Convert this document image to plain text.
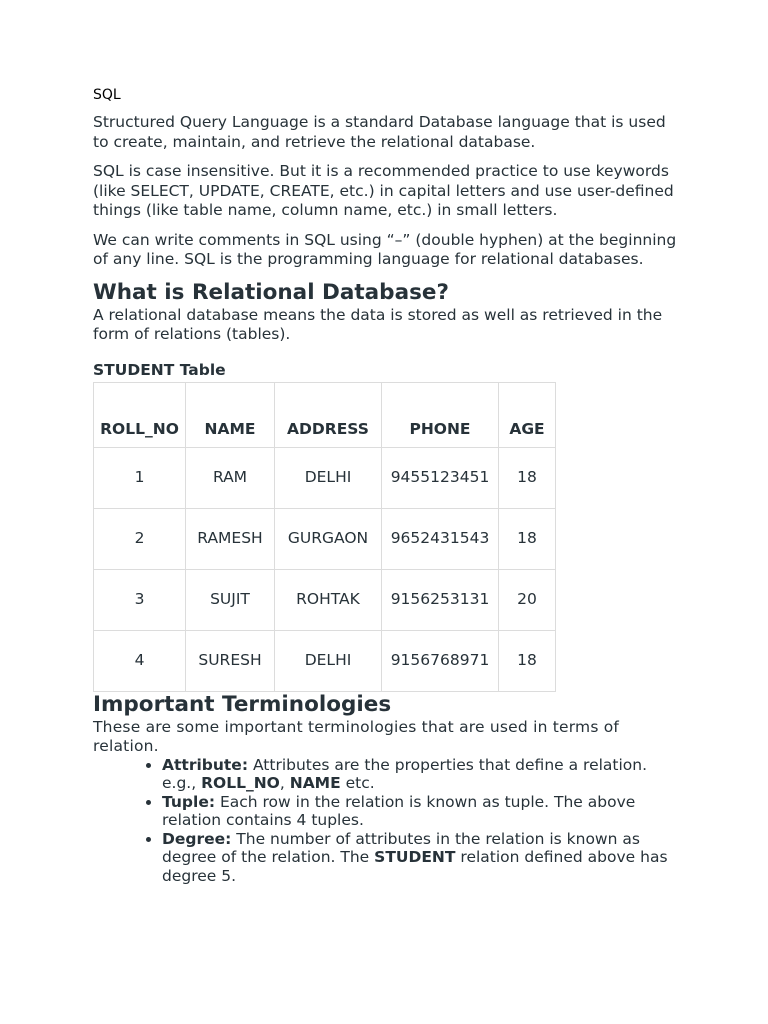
SQL

Structured Query Language is a standard Database language that is used to create, maintain, and retrieve the relational database.

SQL is case insensitive. But it is a recommended practice to use keywords (like SELECT, UPDATE, CREATE, etc.) in capital letters and use user-defined things (like table name, column name, etc.) in small letters.

We can write comments in SQL using “–” (double hyphen) at the beginning of any line. SQL is the programming language for relational databases.

What is Relational Database?

A relational database means the data is stored as well as retrieved in the form of relations (tables).

STUDENT Table
ROLL_NO	NAME	ADDRESS	PHONE	AGE
1	RAM	DELHI	9455123451	18
2	RAMESH	GURGAON	9652431543	18
3	SUJIT	ROHTAK	9156253131	20
4	SURESH	DELHI	9156768971	18
Important Terminologies

These are some important terminologies that are used in terms of relation.

• Attribute: Attributes are the properties that define a relation. e.g., ROLL_NO, NAME etc.
• Tuple: Each row in the relation is known as tuple. The above relation contains 4 tuples.
• Degree: The number of attributes in the relation is known as degree of the relation. The STUDENT relation defined above has degree 5.
